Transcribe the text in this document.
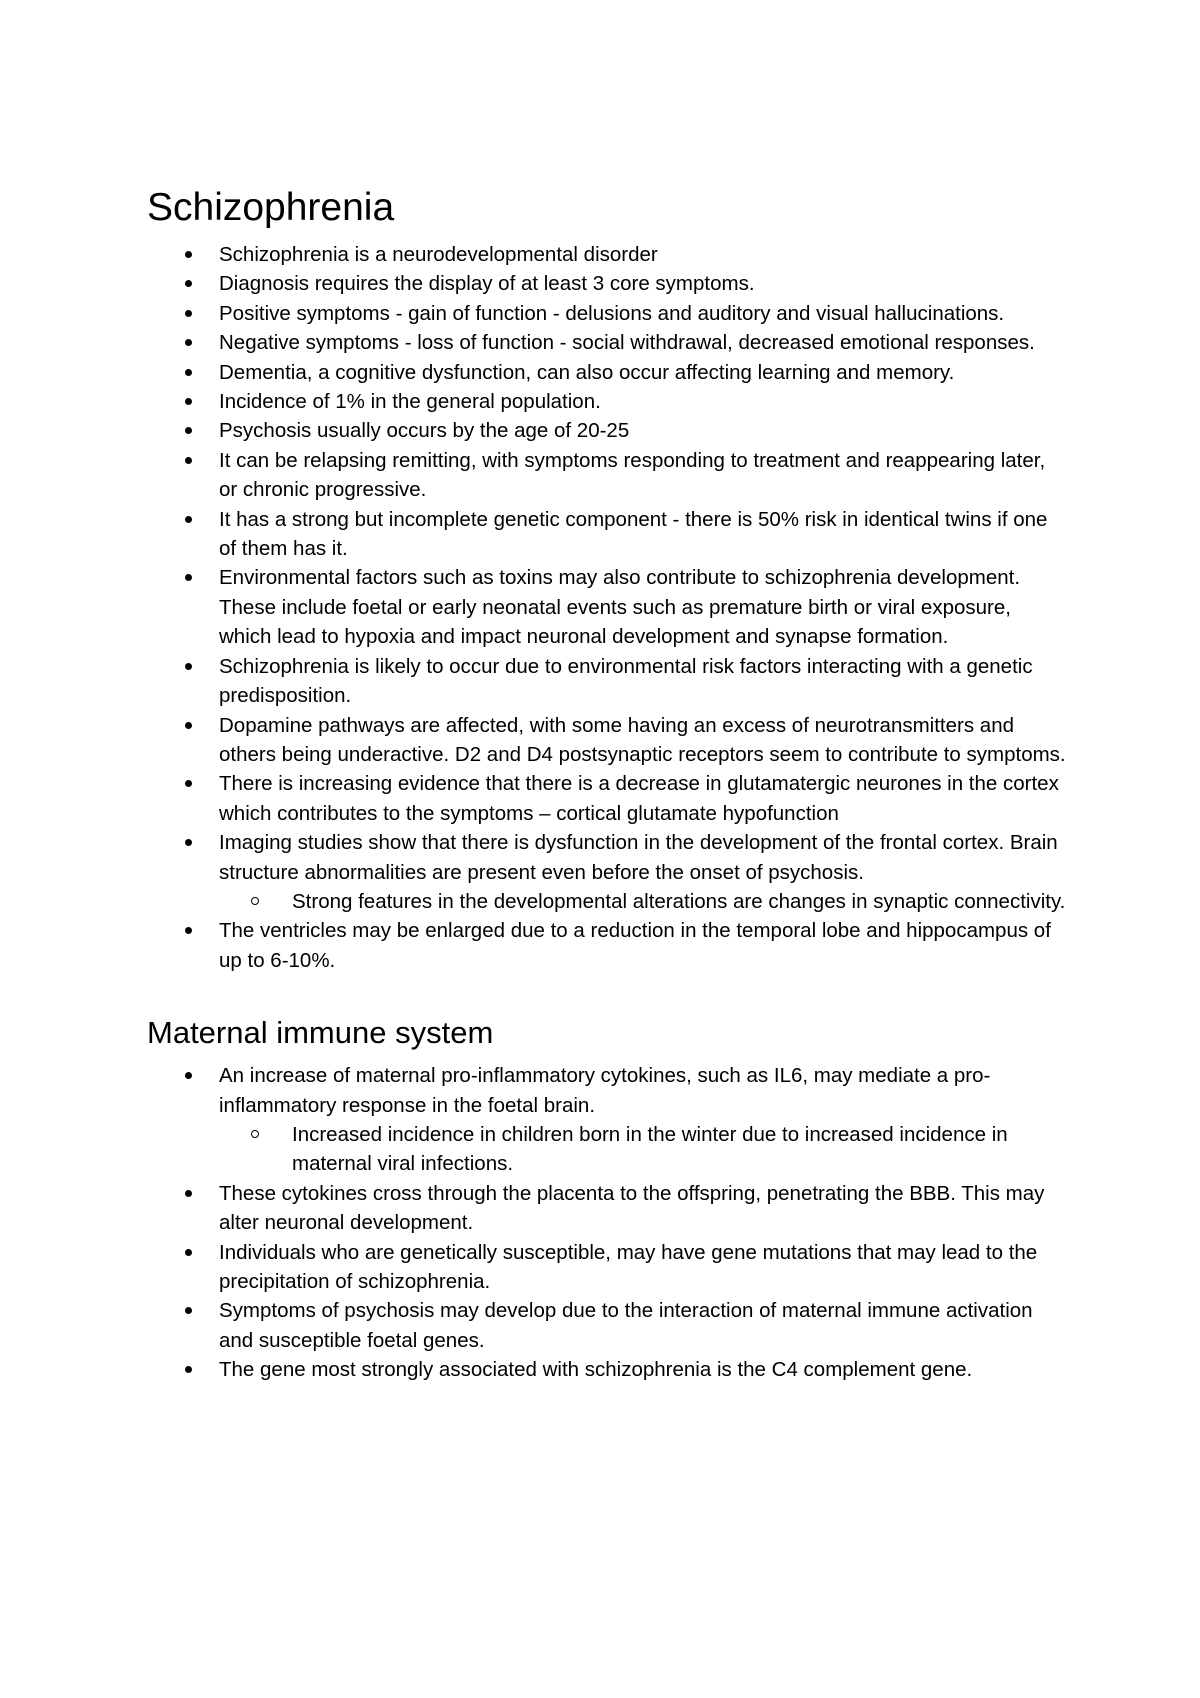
Schizophrenia
Schizophrenia is a neurodevelopmental disorder
Diagnosis requires the display of at least 3 core symptoms.
Positive symptoms - gain of function - delusions and auditory and visual hallucinations.
Negative symptoms - loss of function - social withdrawal, decreased emotional responses.
Dementia, a cognitive dysfunction, can also occur affecting learning and memory.
Incidence of 1% in the general population.
Psychosis usually occurs by the age of 20-25
It can be relapsing remitting, with symptoms responding to treatment and reappearing later, or chronic progressive.
It has a strong but incomplete genetic component - there is 50% risk in identical twins if one of them has it.
Environmental factors such as toxins may also contribute to schizophrenia development. These include foetal or early neonatal events such as premature birth or viral exposure, which lead to hypoxia and impact neuronal development and synapse formation.
Schizophrenia is likely to occur due to environmental risk factors interacting with a genetic predisposition.
Dopamine pathways are affected, with some having an excess of neurotransmitters and others being underactive. D2 and D4 postsynaptic receptors seem to contribute to symptoms.
There is increasing evidence that there is a decrease in glutamatergic neurones in the cortex which contributes to the symptoms – cortical glutamate hypofunction
Imaging studies show that there is dysfunction in the development of the frontal cortex. Brain structure abnormalities are present even before the onset of psychosis.
Strong features in the developmental alterations are changes in synaptic connectivity.
The ventricles may be enlarged due to a reduction in the temporal lobe and hippocampus of up to 6-10%.
Maternal immune system
An increase of maternal pro-inflammatory cytokines, such as IL6, may mediate a pro-inflammatory response in the foetal brain.
Increased incidence in children born in the winter due to increased incidence in maternal viral infections.
These cytokines cross through the placenta to the offspring, penetrating the BBB. This may alter neuronal development.
Individuals who are genetically susceptible, may have gene mutations that may lead to the precipitation of schizophrenia.
Symptoms of psychosis may develop due to the interaction of maternal immune activation and susceptible foetal genes.
The gene most strongly associated with schizophrenia is the C4 complement gene.
